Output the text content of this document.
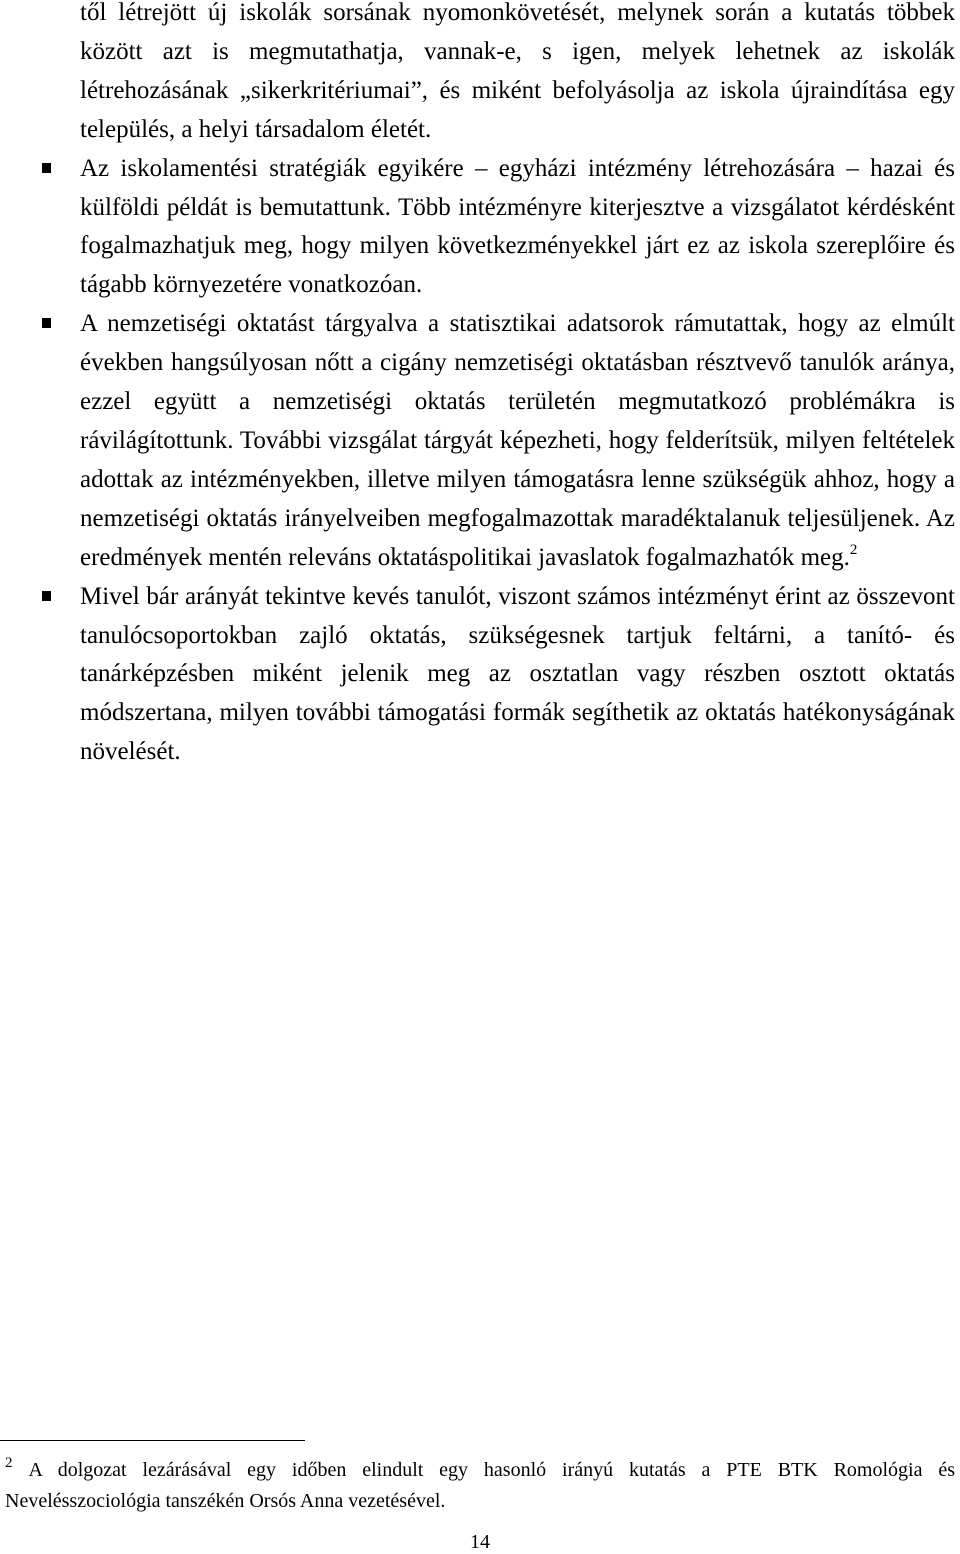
től létrejött új iskolák sorsának nyomonkövetését, melynek során a kutatás többek között azt is megmutathatja, vannak-e, s igen, melyek lehetnek az iskolák létrehozásának „sikerkritériumai”, és miként befolyásolja az iskola újraindítása egy település, a helyi társadalom életét.

Az iskolamentési stratégiák egyikére – egyházi intézmény létrehozására – hazai és külföldi példát is bemutattunk. Több intézményre kiterjesztve a vizsgálatot kérdésként fogalmazhatjuk meg, hogy milyen következményekkel járt ez az iskola szereplőire és tágabb környezetére vonatkozóan.
A nemzetiségi oktatást tárgyalva a statisztikai adatsorok rámutattak, hogy az elmúlt években hangsúlyosan nőtt a cigány nemzetiségi oktatásban résztvevő tanulók aránya, ezzel együtt a nemzetiségi oktatás területén megmutatkozó problémákra is rávilágítottunk. További vizsgálat tárgyát képezheti, hogy felderítsük, milyen feltételek adottak az intézményekben, illetve milyen támogatásra lenne szükségük ahhoz, hogy a nemzetiségi oktatás irányelveiben megfogalmazottak maradéktalanuk teljesüljenek. Az eredmények mentén releváns oktatáspolitikai javaslatok fogalmazhatók meg.$^2$
Mivel bár arányát tekintve kevés tanulót, viszont számos intézményt érint az összevont tanulócsoportokban zajló oktatás, szükségesnek tartjuk feltárni, a tanító- és tanárképzésben miként jelenik meg az osztatlan vagy részben osztott oktatás módszertana, milyen további támogatási formák segíthetik az oktatás hatékonyságának növelését.

$^2$ A dolgozat lezárásával egy időben elindult egy hasonló irányú kutatás a PTE BTK Romológia és Nevelésszociológia tanszékén Orsós Anna vezetésével.

14
